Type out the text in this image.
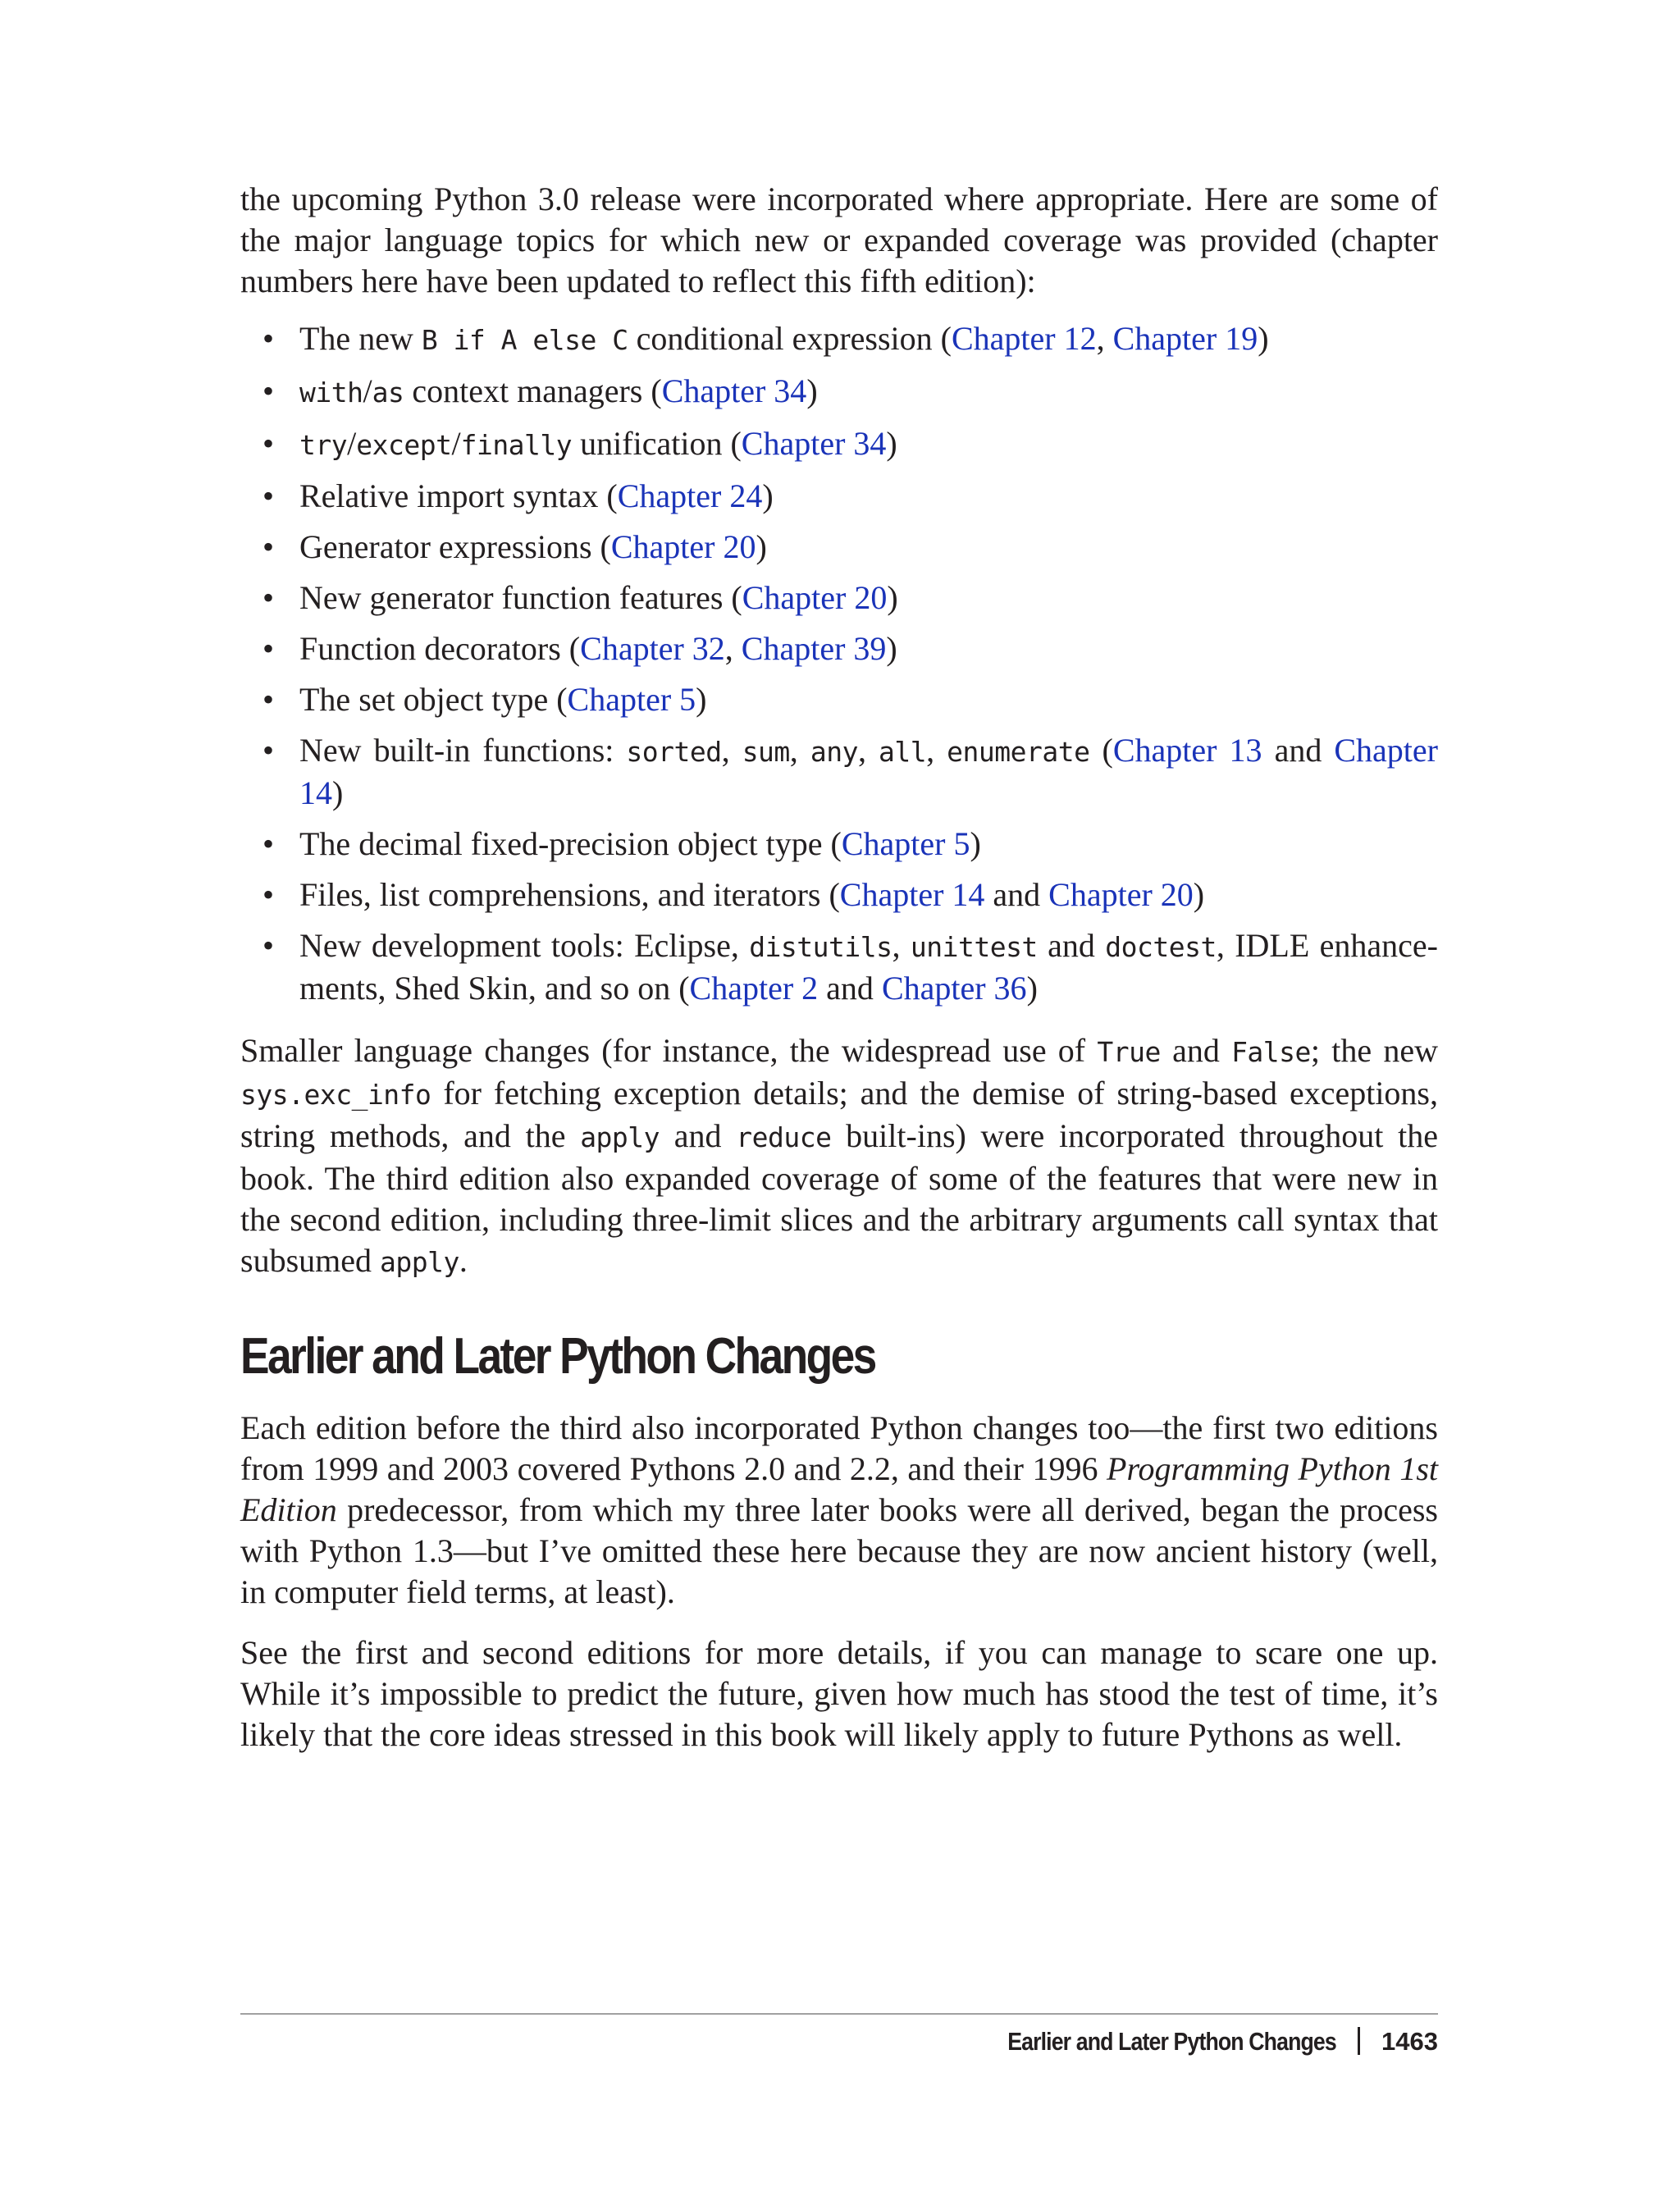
the upcoming Python 3.0 release were incorporated where appropriate. Here are some of the major language topics for which new or expanded coverage was provided (chapter numbers here have been updated to reflect this fifth edition):

• The new B if A else C conditional expression (Chapter 12, Chapter 19)
• with/as context managers (Chapter 34)
• try/except/finally unification (Chapter 34)
• Relative import syntax (Chapter 24)
• Generator expressions (Chapter 20)
• New generator function features (Chapter 20)
• Function decorators (Chapter 32, Chapter 39)
• The set object type (Chapter 5)
• New built-in functions: sorted, sum, any, all, enumerate (Chapter 13 and Chapter 14)
• The decimal fixed-precision object type (Chapter 5)
• Files, list comprehensions, and iterators (Chapter 14 and Chapter 20)
• New development tools: Eclipse, distutils, unittest and doctest, IDLE enhancements, Shed Skin, and so on (Chapter 2 and Chapter 36)

Smaller language changes (for instance, the widespread use of True and False; the new sys.exc_info for fetching exception details; and the demise of string-based exceptions, string methods, and the apply and reduce built-ins) were incorporated throughout the book. The third edition also expanded coverage of some of the features that were new in the second edition, including three-limit slices and the arbitrary arguments call syntax that subsumed apply.

Earlier and Later Python Changes

Each edition before the third also incorporated Python changes too—the first two editions from 1999 and 2003 covered Pythons 2.0 and 2.2, and their 1996 Programming Python 1st Edition predecessor, from which my three later books were all derived, began the process with Python 1.3—but I’ve omitted these here because they are now ancient history (well, in computer field terms, at least).

See the first and second editions for more details, if you can manage to scare one up. While it’s impossible to predict the future, given how much has stood the test of time, it’s likely that the core ideas stressed in this book will likely apply to future Pythons as well.

Earlier and Later Python Changes 1463
